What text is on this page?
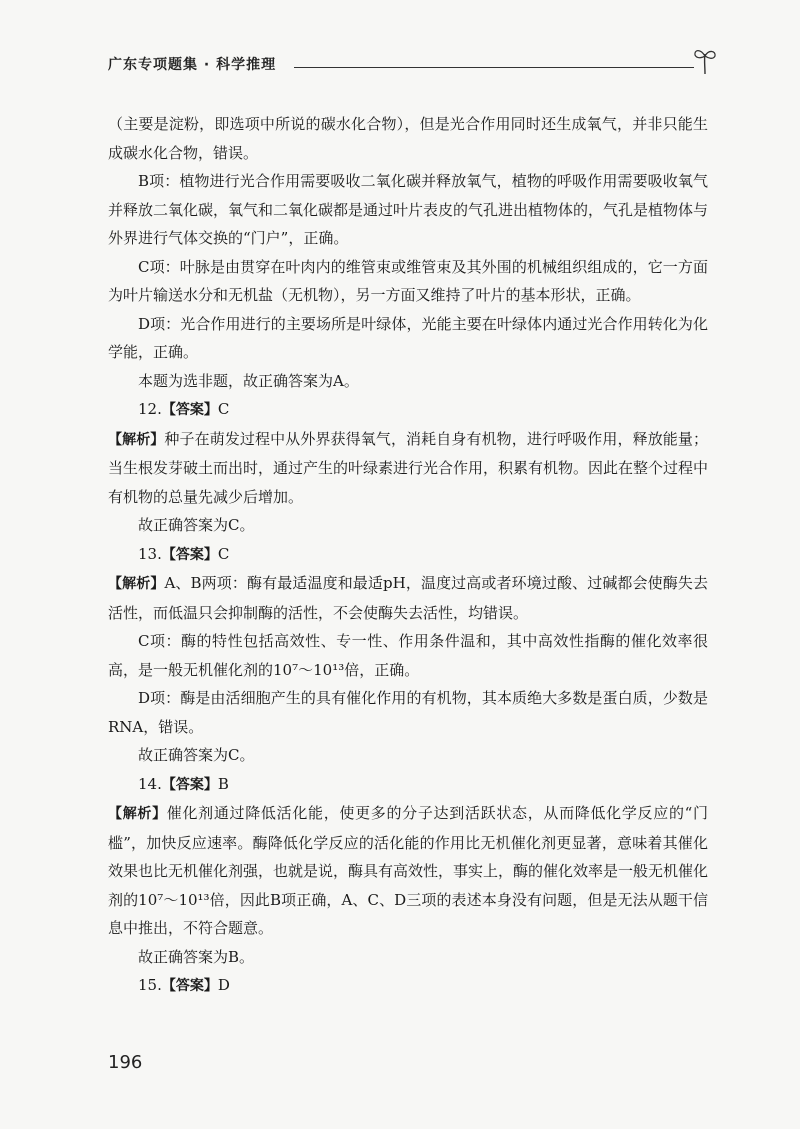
广东专项题集 · 科学推理

（主要是淀粉，即选项中所说的碳水化合物），但是光合作用同时还生成氧气，并非只能生成碳水化合物，错误。

B项：植物进行光合作用需要吸收二氧化碳并释放氧气，植物的呼吸作用需要吸收氧气并释放二氧化碳，氧气和二氧化碳都是通过叶片表皮的气孔进出植物体的，气孔是植物体与外界进行气体交换的“门户”，正确。

C项：叶脉是由贯穿在叶肉内的维管束或维管束及其外围的机械组织组成的，它一方面为叶片输送水分和无机盐（无机物），另一方面又维持了叶片的基本形状，正确。

D项：光合作用进行的主要场所是叶绿体，光能主要在叶绿体内通过光合作用转化为化学能，正确。

本题为选非题，故正确答案为A。

12.【答案】C

【解析】种子在萌发过程中从外界获得氧气，消耗自身有机物，进行呼吸作用，释放能量；当生根发芽破土而出时，通过产生的叶绿素进行光合作用，积累有机物。因此在整个过程中有机物的总量先减少后增加。

故正确答案为C。

13.【答案】C

【解析】A、B两项：酶有最适温度和最适pH，温度过高或者环境过酸、过碱都会使酶失去活性，而低温只会抑制酶的活性，不会使酶失去活性，均错误。

C项：酶的特性包括高效性、专一性、作用条件温和，其中高效性指酶的催化效率很高，是一般无机催化剂的10⁷～10¹³倍，正确。

D项：酶是由活细胞产生的具有催化作用的有机物，其本质绝大多数是蛋白质，少数是RNA，错误。

故正确答案为C。

14.【答案】B

【解析】催化剂通过降低活化能，使更多的分子达到活跃状态，从而降低化学反应的“门槛”，加快反应速率。酶降低化学反应的活化能的作用比无机催化剂更显著，意味着其催化效果也比无机催化剂强，也就是说，酶具有高效性，事实上，酶的催化效率是一般无机催化剂的10⁷～10¹³倍，因此B项正确，A、C、D三项的表述本身没有问题，但是无法从题干信息中推出，不符合题意。

故正确答案为B。

15.【答案】D

196
